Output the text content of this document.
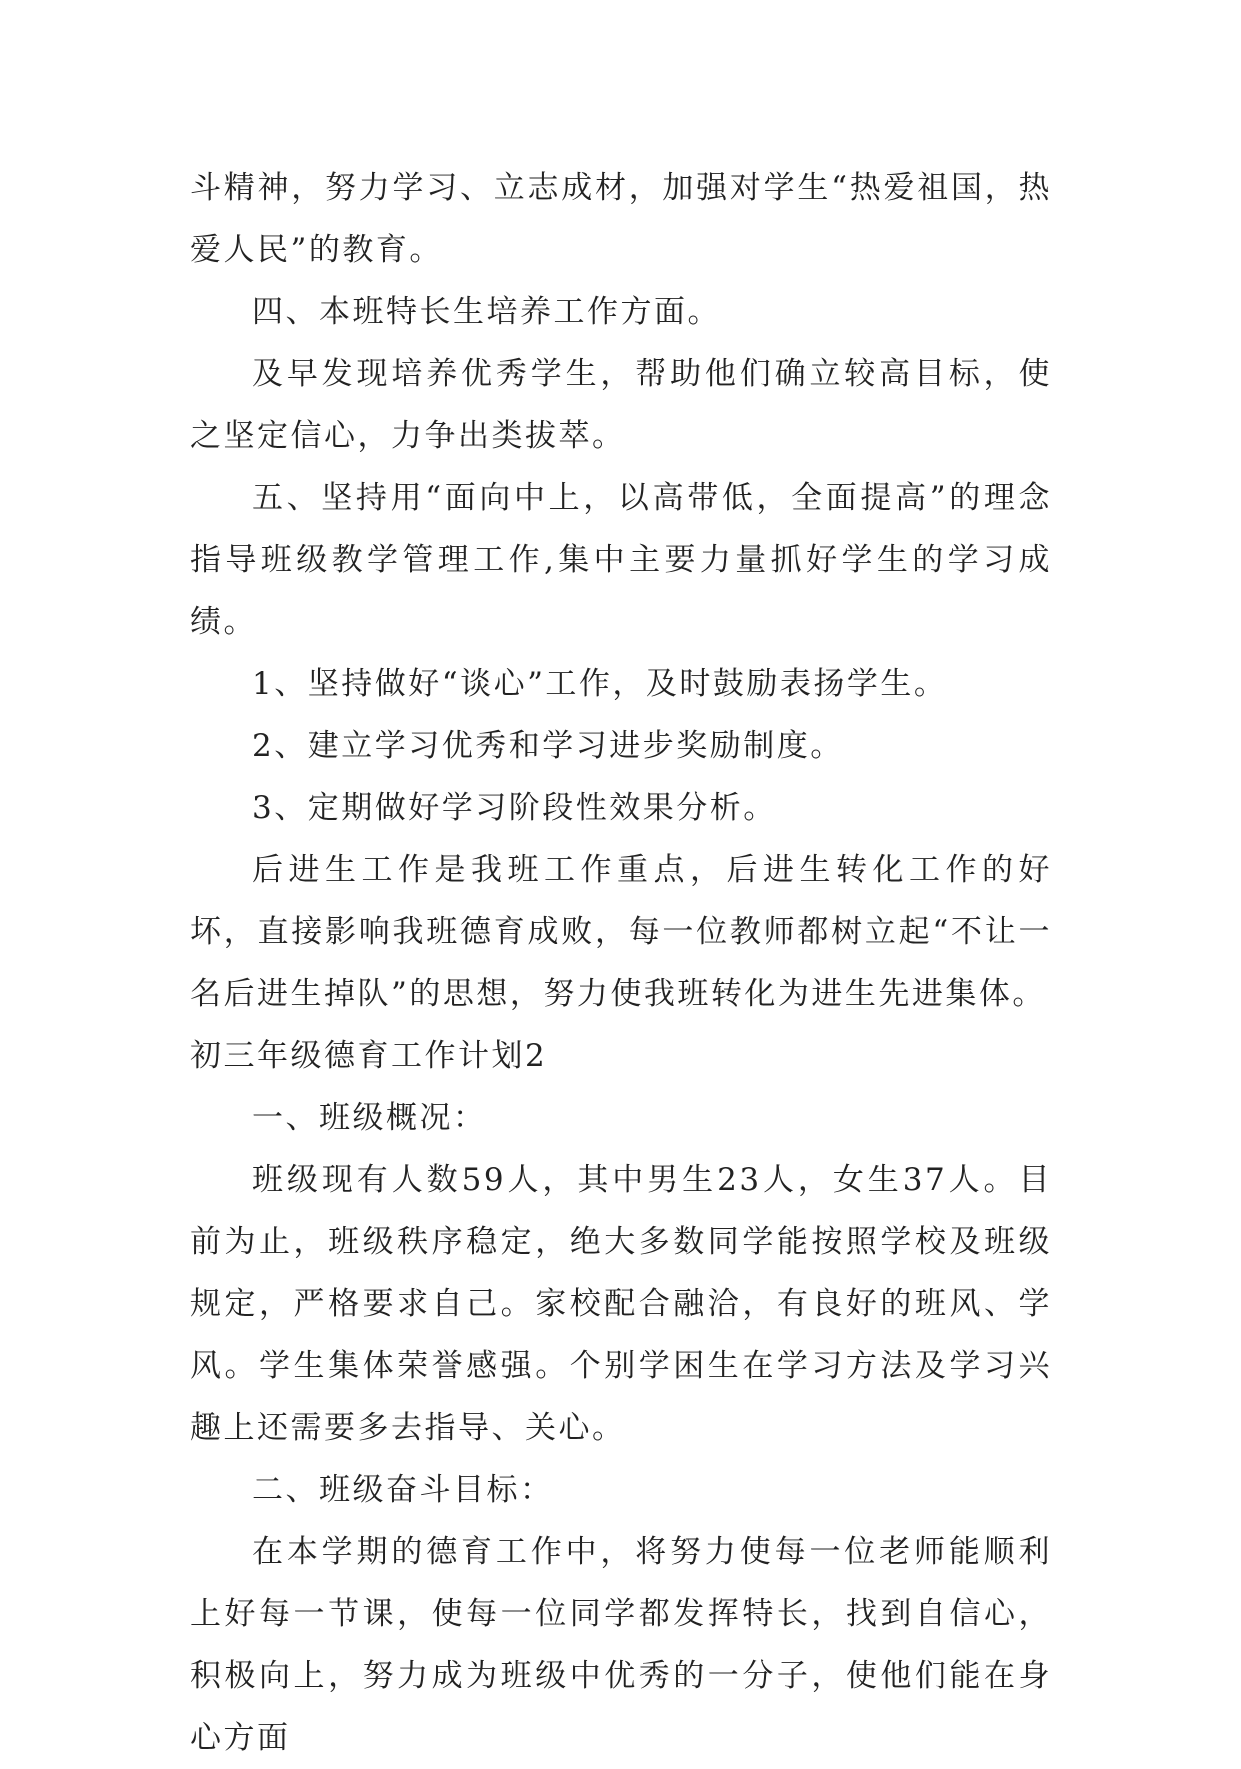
斗精神，努力学习、立志成材，加强对学生“热爱祖国，热爱人民”的教育。

四、本班特长生培养工作方面。

及早发现培养优秀学生，帮助他们确立较高目标，使之坚定信心，力争出类拔萃。

五、坚持用“面向中上，以高带低，全面提高”的理念指导班级教学管理工作,集中主要力量抓好学生的学习成绩。

1、坚持做好“谈心”工作，及时鼓励表扬学生。

2、建立学习优秀和学习进步奖励制度。

3、定期做好学习阶段性效果分析。

后进生工作是我班工作重点，后进生转化工作的好坏，直接影响我班德育成败，每一位教师都树立起“不让一名后进生掉队”的思想，努力使我班转化为进生先进集体。

初三年级德育工作计划2

一、班级概况：

班级现有人数59人，其中男生23人，女生37人。目前为止，班级秩序稳定，绝大多数同学能按照学校及班级规定，严格要求自己。家校配合融洽，有良好的班风、学风。学生集体荣誉感强。个别学困生在学习方法及学习兴趣上还需要多去指导、关心。

二、班级奋斗目标：

在本学期的德育工作中，将努力使每一位老师能顺利上好每一节课，使每一位同学都发挥特长，找到自信心，积极向上，努力成为班级中优秀的一分子，使他们能在身心方面
